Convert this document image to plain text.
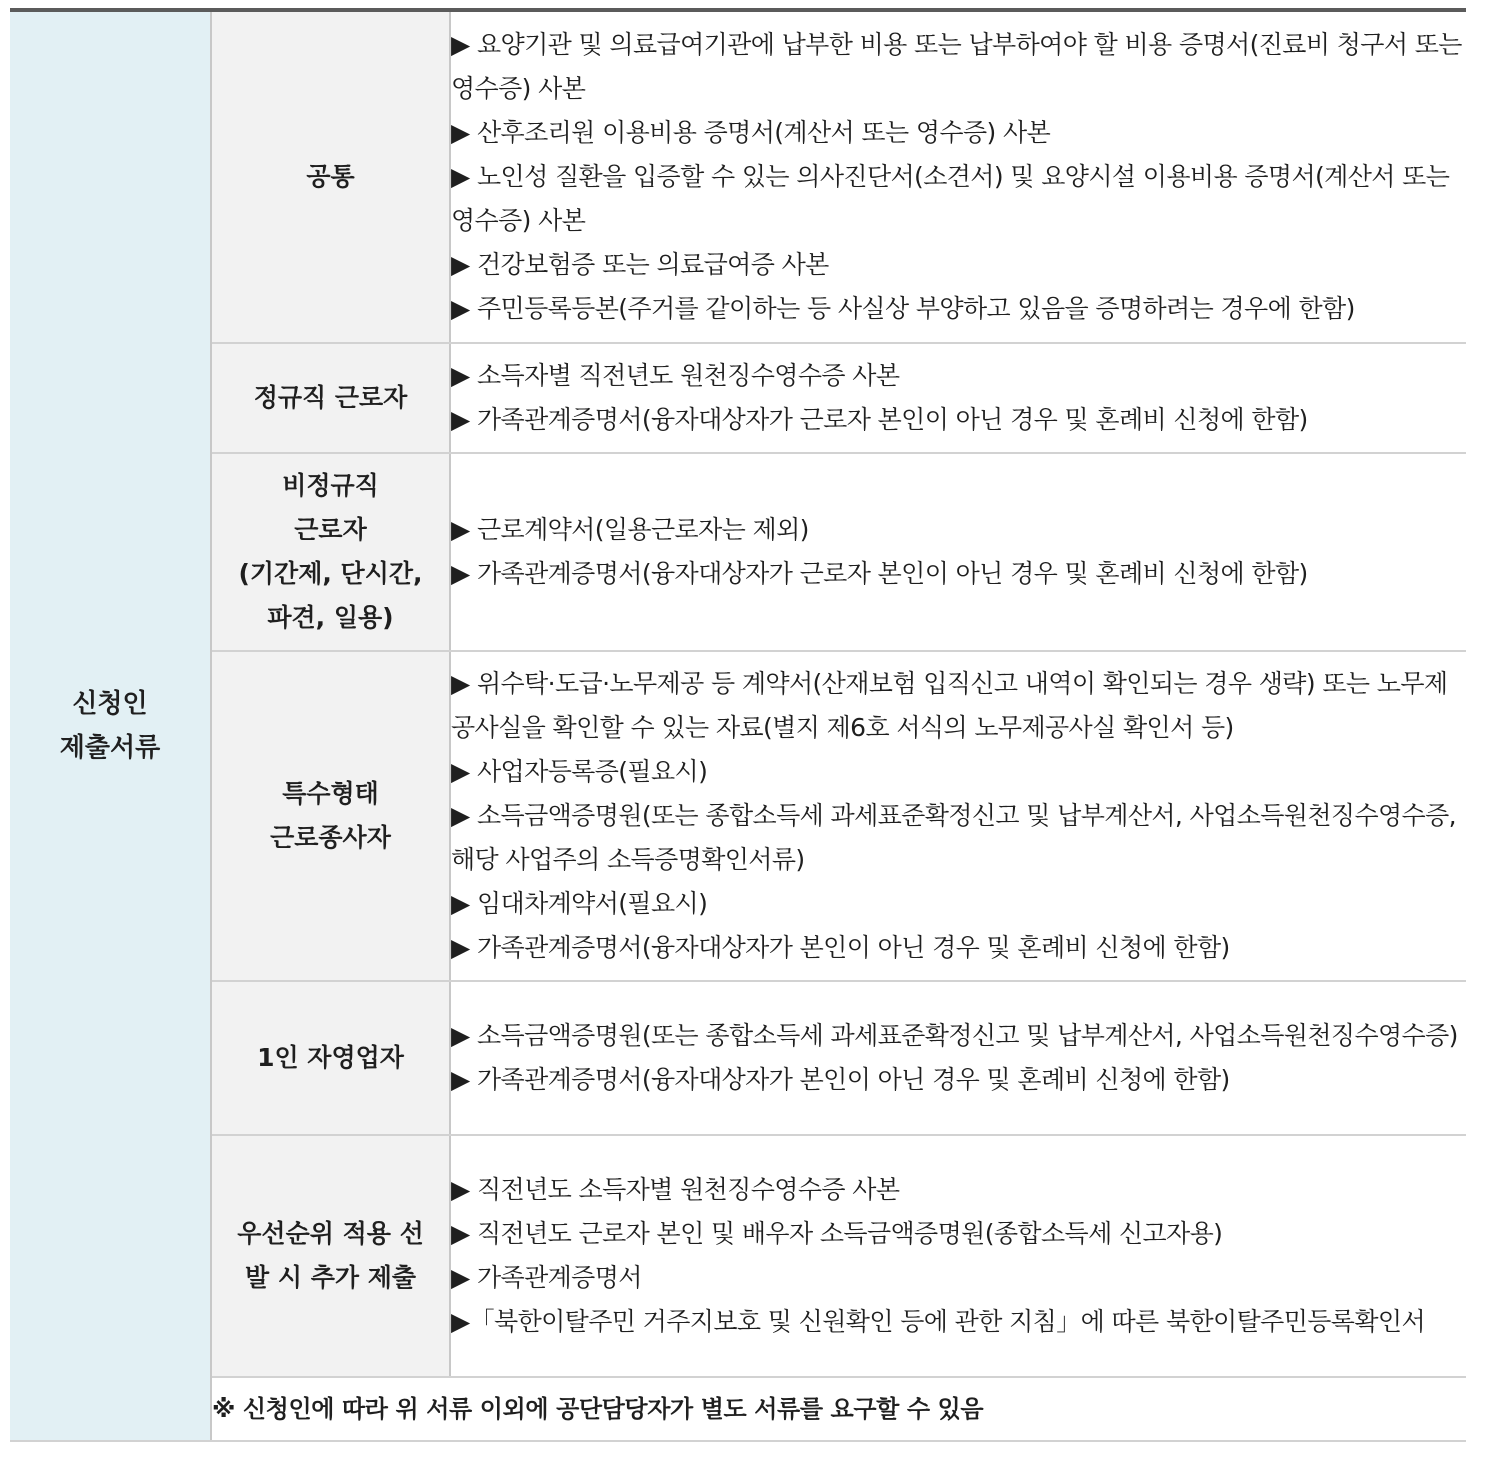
신청인
제출서류	공통	▶ 요양기관 및 의료급여기관에 납부한 비용 또는 납부하여야 할 비용 증명서(진료비 청구서 또는 영수증) 사본
▶ 산후조리원 이용비용 증명서(계산서 또는 영수증) 사본
▶ 노인성 질환을 입증할 수 있는 의사진단서(소견서) 및 요양시설 이용비용 증명서(계산서 또는 영수증) 사본
▶ 건강보험증 또는 의료급여증 사본
▶ 주민등록등본(주거를 같이하는 등 사실상 부양하고 있음을 증명하려는 경우에 한함)

	정규직 근로자	▶ 소득자별 직전년도 원천징수영수증 사본
▶ 가족관계증명서(융자대상자가 근로자 본인이 아닌 경우 및 혼례비 신청에 한함)

	비정규직
근로자
(기간제, 단시간,
파견, 일용)	▶ 근로계약서(일용근로자는 제외)
▶ 가족관계증명서(융자대상자가 근로자 본인이 아닌 경우 및 혼례비 신청에 한함)

	특수형태
근로종사자	▶ 위수탁·도급·노무제공 등 계약서(산재보험 입직신고 내역이 확인되는 경우 생략) 또는 노무제공사실을 확인할 수 있는 자료(별지 제6호 서식의 노무제공사실 확인서 등)
▶ 사업자등록증(필요시)
▶ 소득금액증명원(또는 종합소득세 과세표준확정신고 및 납부계산서, 사업소득원천징수영수증, 해당 사업주의 소득증명확인서류)
▶ 임대차계약서(필요시)
▶ 가족관계증명서(융자대상자가 본인이 아닌 경우 및 혼례비 신청에 한함)

	1인 자영업자	▶ 소득금액증명원(또는 종합소득세 과세표준확정신고 및 납부계산서, 사업소득원천징수영수증)
▶ 가족관계증명서(융자대상자가 본인이 아닌 경우 및 혼례비 신청에 한함)

	우선순위 적용 선
발 시 추가 제출	▶ 직전년도 소득자별 원천징수영수증 사본
▶ 직전년도 근로자 본인 및 배우자 소득금액증명원(종합소득세 신고자용)
▶ 가족관계증명서
▶「북한이탈주민 거주지보호 및 신원확인 등에 관한 지침」에 따른 북한이탈주민등록확인서

	※ 신청인에 따라 위 서류 이외에 공단담당자가 별도 서류를 요구할 수 있음	
